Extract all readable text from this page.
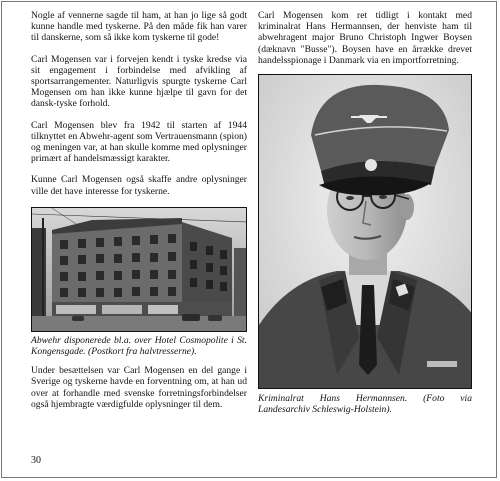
Nogle af vennerne sagde til ham, at han jo lige så godt kunne handle med tyskerne. På den måde fik han varer til danskerne, som så ikke kom tyskerne til gode!

Carl Mogensen var i forvejen kendt i tyske kredse via sit engagement i forbindelse med afvikling af sportsarrangementer. Naturligvis spurgte tyskerne Carl Mogensen om han ikke kunne hjælpe til gavn for det dansk-tyske forhold.

Carl Mogensen blev fra 1942 til starten af 1944 tilknyttet en Abwehr-agent som Vertrauensmann (spion) og meningen var, at han skulle komme med oplysninger primært af handelsmæssigt karakter.

Kunne Carl Mogensen også skaffe andre oplysninger ville det have interesse for tyskerne.

Abwehr disponerede bl.a. over Hotel Cosmopolite i St. Kongensgade. (Postkort fra halvtresserne).

Under besættelsen var Carl Mogensen en del gange i Sverige og tyskerne havde en forventning om, at han ud over at forhandle med svenske forretningsforbindelser også hjembragte værdigfulde oplysninger til dem.

Carl Mogensen kom ret tidligt i kontakt med kriminalrat Hans Hermannsen, der henviste ham til abwehragent major Bruno Christoph Ingwer Boysen (dæknavn "Busse"). Boysen have en årrække drevet handelsspionage i Danmark via en importforretning.

Kriminalrat Hans Hermannsen. (Foto via Landesarchiv Schleswig-Holstein).

30
